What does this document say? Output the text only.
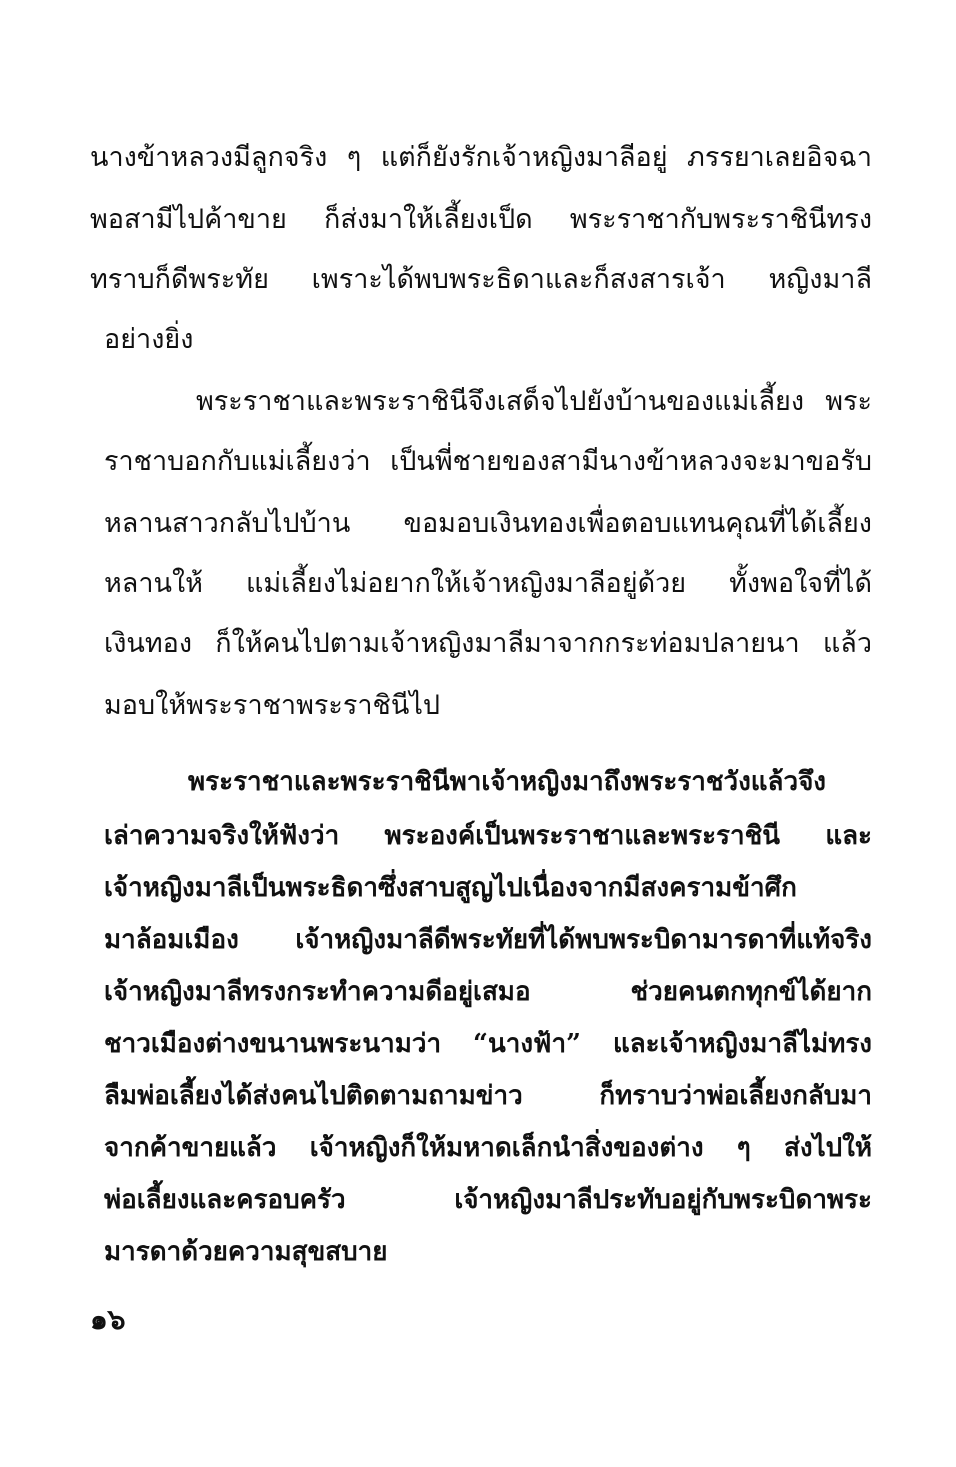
นางข้าหลวงมีลูกจริง ๆ แต่ก็ยังรักเจ้าหญิงมาลีอยู่ ภรรยาเลยอิจฉา
พอสามีไปค้าขาย ก็ส่งมาให้เลี้ยงเป็ด พระราชากับพระราชินีทรง
ทราบก็ดีพระทัย เพราะได้พบพระธิดาและก็สงสารเจ้า หญิงมาลี
อย่างยิ่ง
พระราชาและพระราชินีจึงเสด็จไปยังบ้านของแม่เลี้ยง พระ
ราชาบอกกับแม่เลี้ยงว่า เป็นพี่ชายของสามีนางข้าหลวงจะมาขอรับ
หลานสาวกลับไปบ้าน ขอมอบเงินทองเพื่อตอบแทนคุณที่ได้เลี้ยง
หลานให้ แม่เลี้ยงไม่อยากให้เจ้าหญิงมาลีอยู่ด้วย ทั้งพอใจที่ได้
เงินทอง ก็ให้คนไปตามเจ้าหญิงมาลีมาจากกระท่อมปลายนา แล้ว
มอบให้พระราชาพระราชินีไป
พระราชาและพระราชินีพาเจ้าหญิงมาถึงพระราชวังแล้วจึง
เล่าความจริงให้ฟังว่า พระองค์เป็นพระราชาและพระราชินี และ
เจ้าหญิงมาลีเป็นพระธิดาซึ่งสาบสูญไปเนื่องจากมีสงครามข้าศึก
มาล้อมเมือง เจ้าหญิงมาลีดีพระทัยที่ได้พบพระบิดามารดาที่แท้จริง
เจ้าหญิงมาลีทรงกระทำความดีอยู่เสมอ ช่วยคนตกทุกข์ได้ยาก
ชาวเมืองต่างขนานพระนามว่า “นางฟ้า” และเจ้าหญิงมาลีไม่ทรง
ลืมพ่อเลี้ยงได้ส่งคนไปติดตามถามข่าว ก็ทราบว่าพ่อเลี้ยงกลับมา
จากค้าขายแล้ว เจ้าหญิงก็ให้มหาดเล็กนำสิ่งของต่าง ๆ ส่งไปให้
พ่อเลี้ยงและครอบครัว เจ้าหญิงมาลีประทับอยู่กับพระบิดาพระ
มารดาด้วยความสุขสบาย
๑๖
